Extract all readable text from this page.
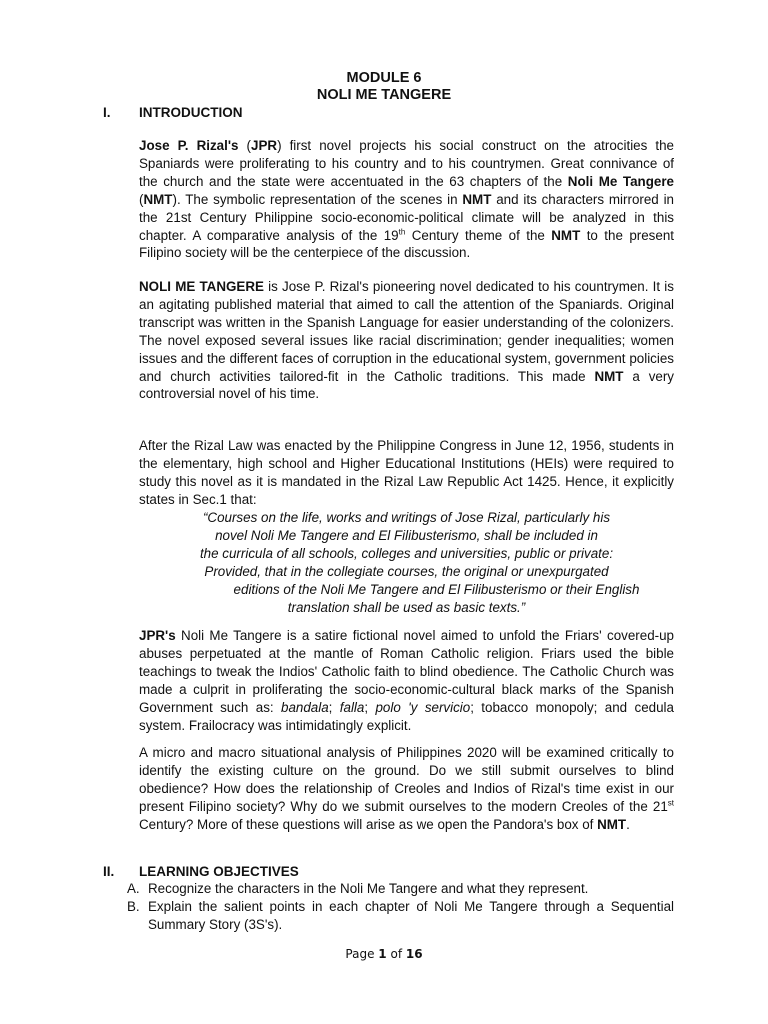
MODULE 6
NOLI ME TANGERE
I. INTRODUCTION

Jose P. Rizal's (JPR) first novel projects his social construct on the atrocities the Spaniards were proliferating to his country and to his countrymen. Great connivance of the church and the state were accentuated in the 63 chapters of the Noli Me Tangere (NMT). The symbolic representation of the scenes in NMT and its characters mirrored in the 21st Century Philippine socio-economic-political climate will be analyzed in this chapter. A comparative analysis of the 19th Century theme of the NMT to the present Filipino society will be the centerpiece of the discussion.

NOLI ME TANGERE is Jose P. Rizal's pioneering novel dedicated to his countrymen. It is an agitating published material that aimed to call the attention of the Spaniards. Original transcript was written in the Spanish Language for easier understanding of the colonizers. The novel exposed several issues like racial discrimination; gender inequalities; women issues and the different faces of corruption in the educational system, government policies and church activities tailored-fit in the Catholic traditions. This made NMT a very controversial novel of his time.

After the Rizal Law was enacted by the Philippine Congress in June 12, 1956, students in the elementary, high school and Higher Educational Institutions (HEIs) were required to study this novel as it is mandated in the Rizal Law Republic Act 1425. Hence, it explicitly states in Sec.1 that:

“Courses on the life, works and writings of Jose Rizal, particularly his
novel Noli Me Tangere and El Filibusterismo, shall be included in
the curricula of all schools, colleges and universities, public or private:
Provided, that in the collegiate courses, the original or unexpurgated
editions of the Noli Me Tangere and El Filibusterismo or their English
translation shall be used as basic texts.”

JPR's Noli Me Tangere is a satire fictional novel aimed to unfold the Friars' covered-up abuses perpetuated at the mantle of Roman Catholic religion. Friars used the bible teachings to tweak the Indios' Catholic faith to blind obedience. The Catholic Church was made a culprit in proliferating the socio-economic-cultural black marks of the Spanish Government such as: bandala; falla; polo 'y servicio; tobacco monopoly; and cedula system. Frailocracy was intimidatingly explicit.

A micro and macro situational analysis of Philippines 2020 will be examined critically to identify the existing culture on the ground. Do we still submit ourselves to blind obedience? How does the relationship of Creoles and Indios of Rizal's time exist in our present Filipino society? Why do we submit ourselves to the modern Creoles of the 21st Century? More of these questions will arise as we open the Pandora's box of NMT.

II. LEARNING OBJECTIVES
A. Recognize the characters in the Noli Me Tangere and what they represent.
B. Explain the salient points in each chapter of Noli Me Tangere through a Sequential Summary Story (3S's).
Page 1 of 16
